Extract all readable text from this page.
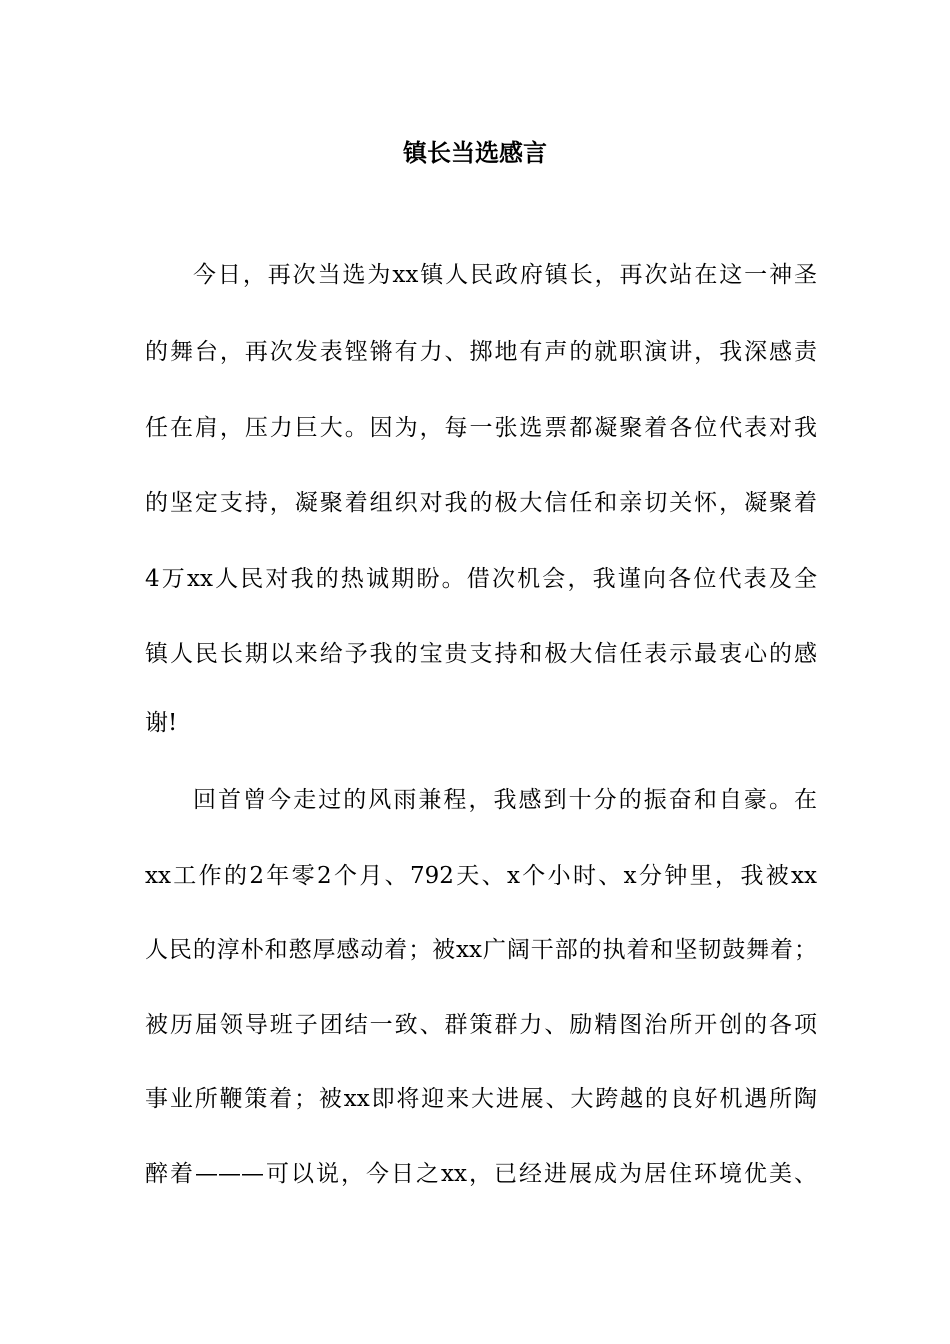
镇长当选感言
今日，再次当选为xx镇人民政府镇长，再次站在这一神圣
的舞台，再次发表铿锵有力、掷地有声的就职演讲，我深感责
任在肩，压力巨大。因为，每一张选票都凝聚着各位代表对我
的坚定支持，凝聚着组织对我的极大信任和亲切关怀，凝聚着
4万xx人民对我的热诚期盼。借次机会，我谨向各位代表及全
镇人民长期以来给予我的宝贵支持和极大信任表示最衷心的感
谢!
回首曾今走过的风雨兼程，我感到十分的振奋和自豪。在
xx工作的2年零2个月、792天、x个小时、x分钟里，我被xx
人民的淳朴和憨厚感动着；被xx广阔干部的执着和坚韧鼓舞着；
被历届领导班子团结一致、群策群力、励精图治所开创的各项
事业所鞭策着；被xx即将迎来大进展、大跨越的良好机遇所陶
醉着———可以说，今日之xx，已经进展成为居住环境优美、
